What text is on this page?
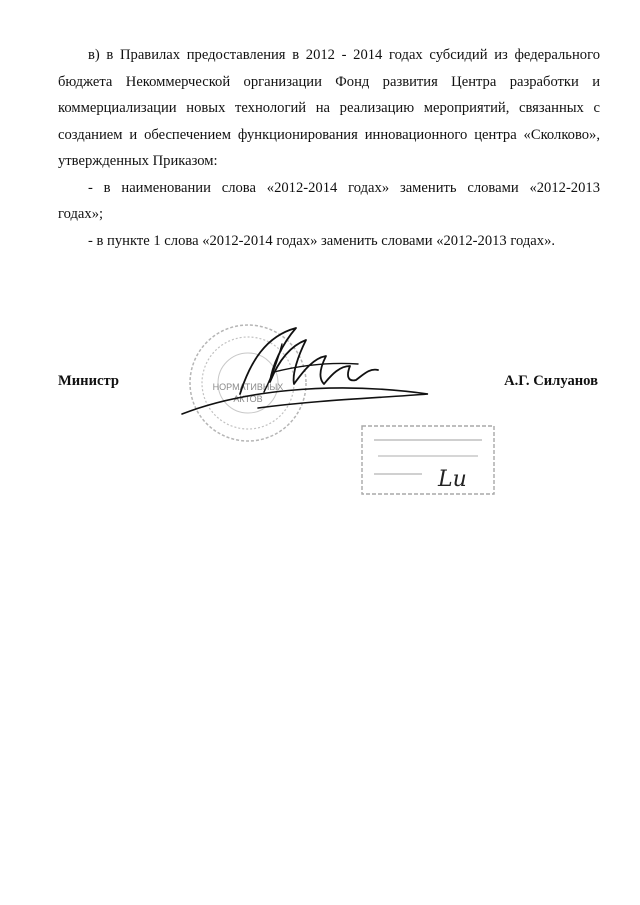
в) в Правилах предоставления в 2012 - 2014 годах субсидий из федерального

бюджета Некоммерческой организации Фонд развития Центра разработки и

коммерциализации новых технологий на реализацию мероприятий, связанных с

созданием и обеспечением функционирования инновационного центра «Сколково»,

утвержденных Приказом:

- в наименовании слова «2012-2014 годах» заменить словами «2012-2013

годах»;

- в пункте 1 слова «2012-2014 годах» заменить словами «2012-2013 годах».

НОРМАТИВНЫХ
АКТОВ
Lu
Министр	А.Г. Силуанов
